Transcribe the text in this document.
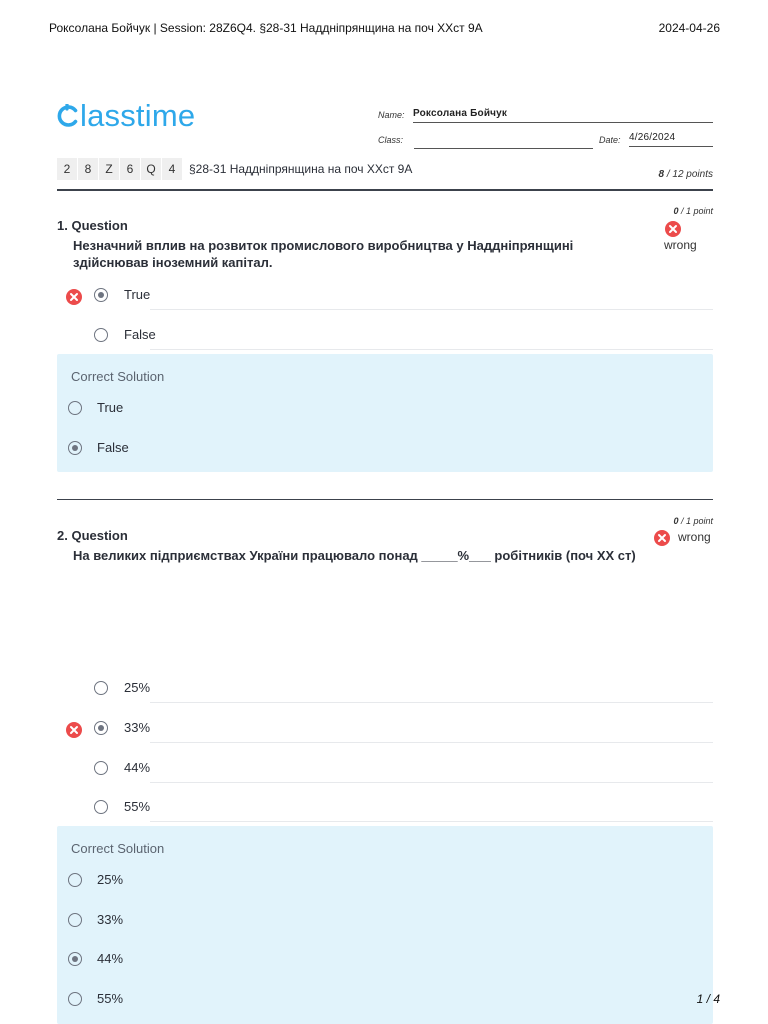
Роксолана Бойчук | Session: 28Z6Q4. §28-31 Наддніпрянщина на поч ХХст 9А	2024-04-26
lasstime	Name: Роксолана Бойчук
Class:	Date: 4/26/2024
2	8	Z	6	Q	4	§28-31 Наддніпрянщина на поч ХХст 9А	8 / 12 points
1. Question
Незначний вплив на розвиток промислового виробництва у Наддніпрянщині здійснював іноземний капітал.
0 / 1 point
wrong
True
False
Correct Solution
True
False
2. Question
На великих підприємствах України працювало понад _____%___ робітників (поч ХХ ст)
0 / 1 point
wrong
25%
33%
44%
55%
Correct Solution
25%
33%
44%
55%	1 / 4
